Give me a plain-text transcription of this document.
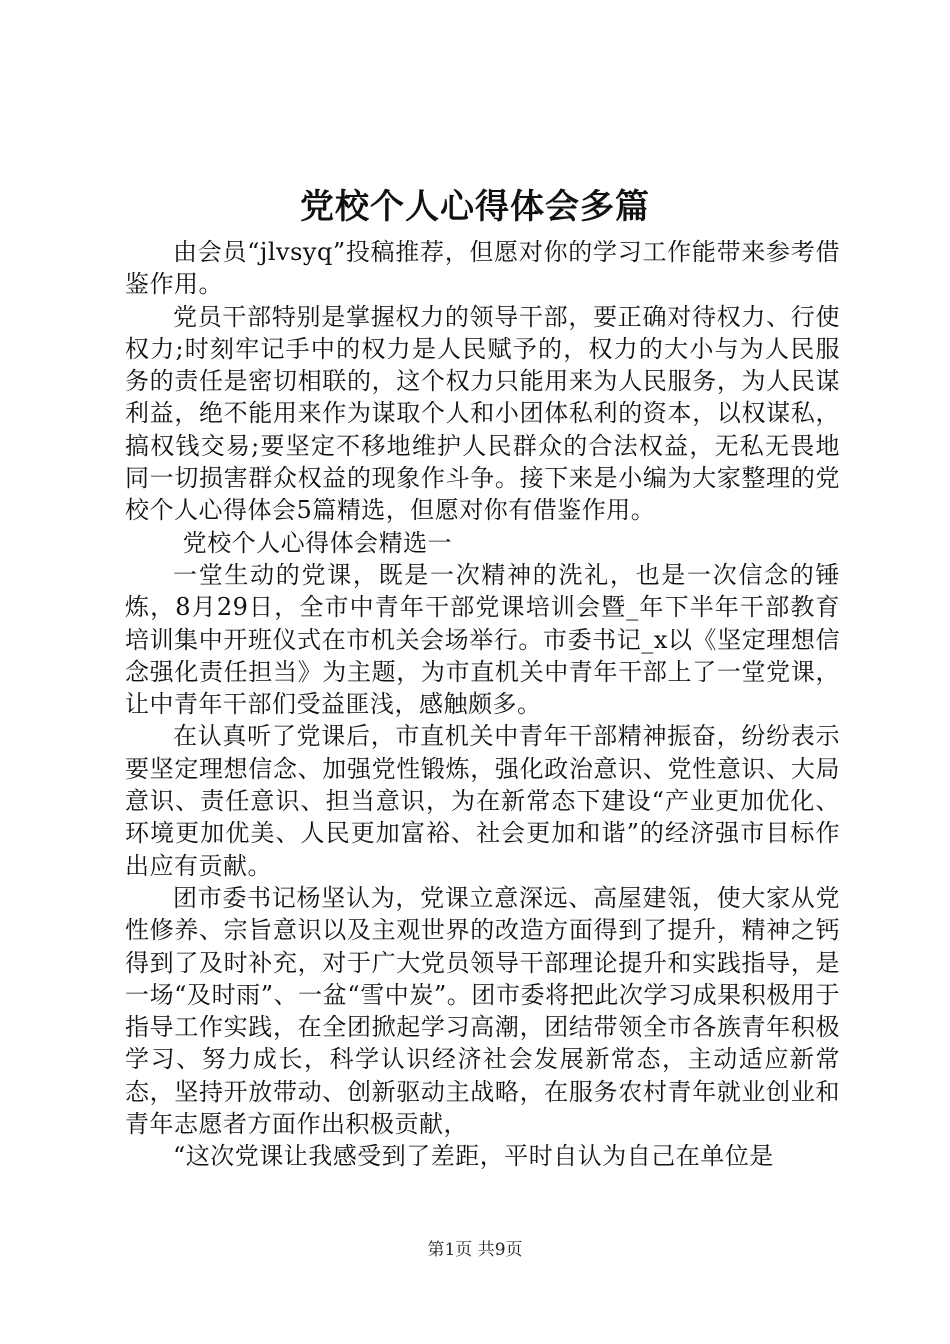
党校个人心得体会多篇

由会员“jlvsyq”投稿推荐，但愿对你的学习工作能带来参考借鉴作用。

党员干部特别是掌握权力的领导干部，要正确对待权力、行使权力;时刻牢记手中的权力是人民赋予的，权力的大小与为人民服务的责任是密切相联的，这个权力只能用来为人民服务，为人民谋利益，绝不能用来作为谋取个人和小团体私利的资本，以权谋私，搞权钱交易;要坚定不移地维护人民群众的合法权益，无私无畏地同一切损害群众权益的现象作斗争。接下来是小编为大家整理的党校个人心得体会5篇精选，但愿对你有借鉴作用。

党校个人心得体会精选一

一堂生动的党课，既是一次精神的洗礼，也是一次信念的锤炼，8月29日，全市中青年干部党课培训会暨_年下半年干部教育培训集中开班仪式在市机关会场举行。市委书记_x以《坚定理想信念强化责任担当》为主题，为市直机关中青年干部上了一堂党课，让中青年干部们受益匪浅，感触颇多。

在认真听了党课后，市直机关中青年干部精神振奋，纷纷表示要坚定理想信念、加强党性锻炼，强化政治意识、党性意识、大局意识、责任意识、担当意识，为在新常态下建设“产业更加优化、环境更加优美、人民更加富裕、社会更加和谐”的经济强市目标作出应有贡献。

团市委书记杨坚认为，党课立意深远、高屋建瓴，使大家从党性修养、宗旨意识以及主观世界的改造方面得到了提升，精神之钙得到了及时补充，对于广大党员领导干部理论提升和实践指导，是一场“及时雨”、一盆“雪中炭”。团市委将把此次学习成果积极用于指导工作实践，在全团掀起学习高潮，团结带领全市各族青年积极学习、努力成长，科学认识经济社会发展新常态，主动适应新常态，坚持开放带动、创新驱动主战略，在服务农村青年就业创业和青年志愿者方面作出积极贡献，

“这次党课让我感受到了差距，平时自认为自己在单位是

第1页 共9页
